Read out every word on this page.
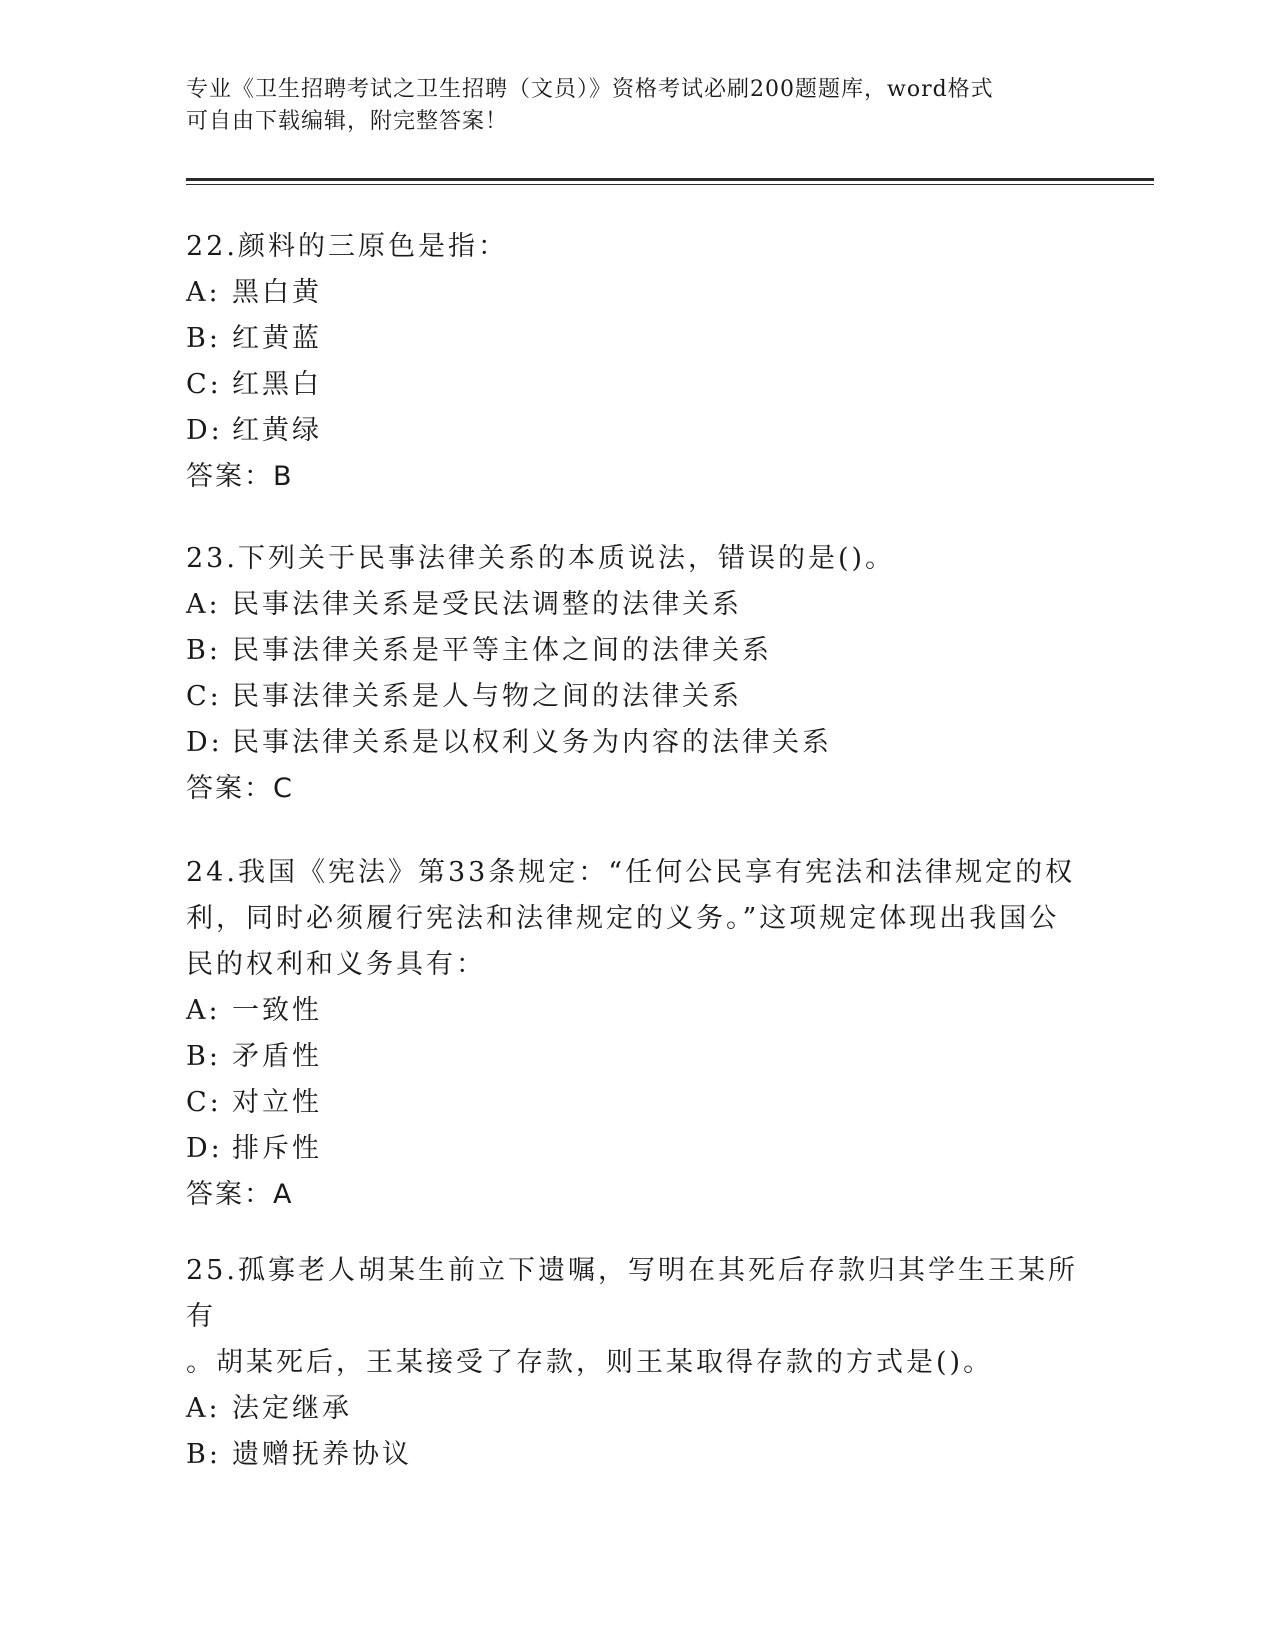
专业《卫生招聘考试之卫生招聘（文员）》资格考试必刷200题题库，word格式
可自由下载编辑，附完整答案！

22.颜料的三原色是指：

A: 黑白黄

B: 红黄蓝

C: 红黑白

D: 红黄绿

答案：B

23.下列关于民事法律关系的本质说法，错误的是()。

A: 民事法律关系是受民法调整的法律关系

B: 民事法律关系是平等主体之间的法律关系

C: 民事法律关系是人与物之间的法律关系

D: 民事法律关系是以权利义务为内容的法律关系

答案：C

24.我国《宪法》第33条规定：“任何公民享有宪法和法律规定的权

利，同时必须履行宪法和法律规定的义务。”这项规定体现出我国公

民的权利和义务具有：

A: 一致性

B: 矛盾性

C: 对立性

D: 排斥性

答案：A

25.孤寡老人胡某生前立下遗嘱，写明在其死后存款归其学生王某所有

。胡某死后，王某接受了存款，则王某取得存款的方式是()。

A: 法定继承

B: 遗赠抚养协议
